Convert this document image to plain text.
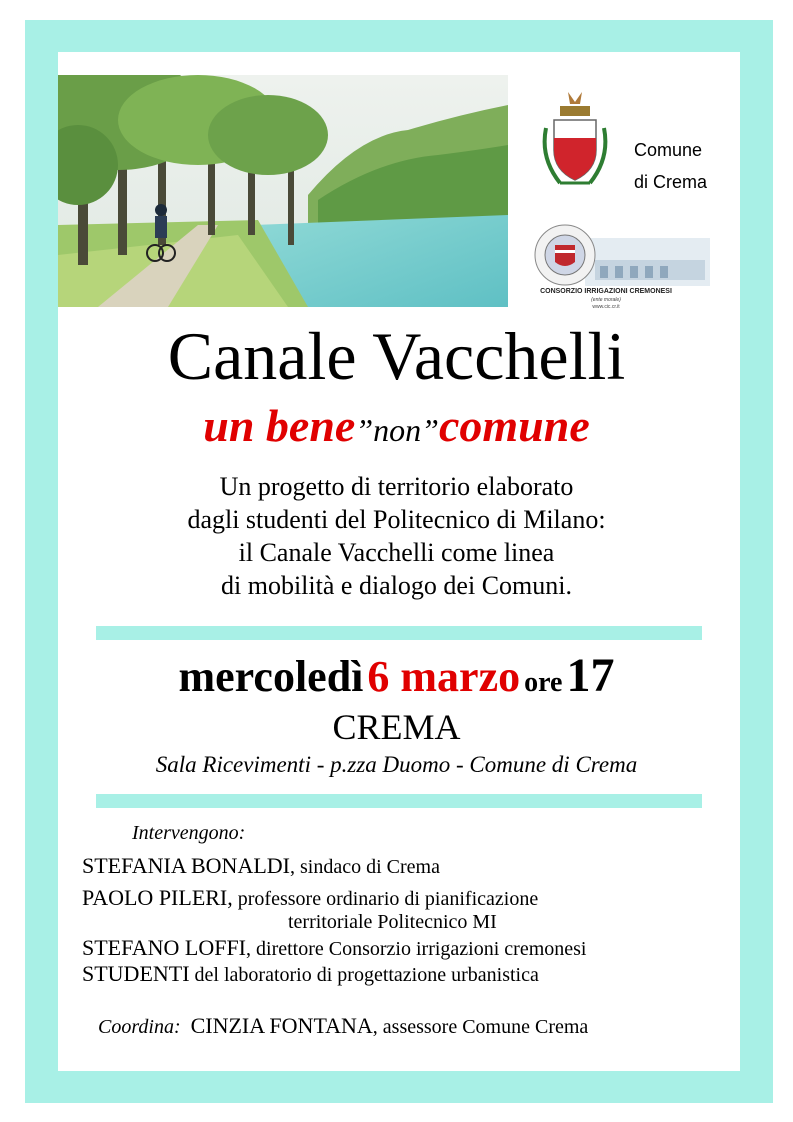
Comune
di Crema
CONSORZIO IRRIGAZIONI CREMONESI
(ente morale)
www.cic.cr.it
Canale Vacchelli
un bene”non”comune
Un progetto di territorio elaborato
dagli studenti del Politecnico di Milano:
il Canale Vacchelli come linea
di mobilità e dialogo dei Comuni.
mercoledì 6 marzo ore 17
CREMA
Sala Ricevimenti - p.zza Duomo - Comune di Crema
Intervengono:
STEFANIA BONALDI, sindaco di Crema
PAOLO PILERI, professore ordinario di pianificazione
territoriale Politecnico MI
STEFANO LOFFI, direttore Consorzio irrigazioni cremonesi
STUDENTI del laboratorio di progettazione urbanistica
Coordina: CINZIA FONTANA, assessore Comune Crema
